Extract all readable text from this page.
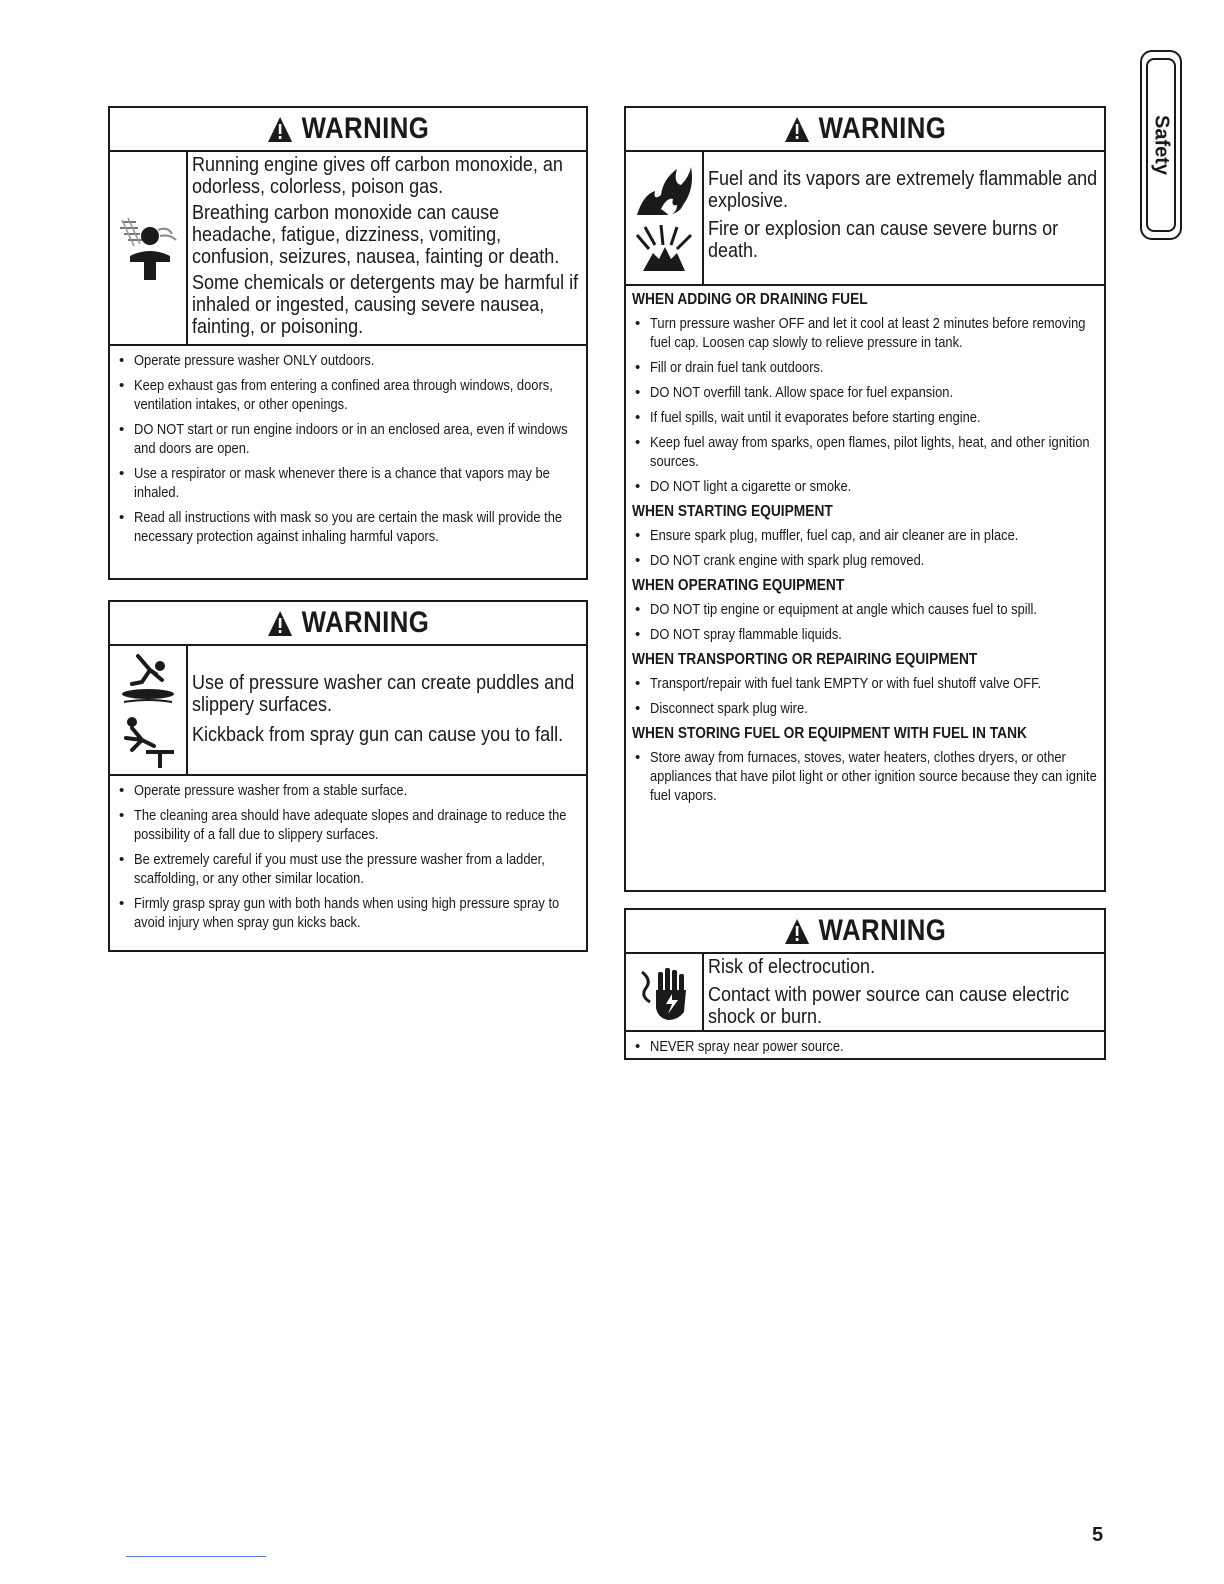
Safety
WARNING
Running engine gives off carbon monoxide, an odorless, colorless, poison gas.
Breathing carbon monoxide can cause headache, fatigue, dizziness, vomiting, confusion, seizures, nausea, fainting or death.
Some chemicals or detergents may be harmful if inhaled or ingested, causing severe nausea, fainting, or poisoning.
• Operate pressure washer ONLY outdoors.
• Keep exhaust gas from entering a confined area through windows, doors, ventilation intakes, or other openings.
• DO NOT start or run engine indoors or in an enclosed area, even if windows and doors are open.
• Use a respirator or mask whenever there is a chance that vapors may be inhaled.
• Read all instructions with mask so you are certain the mask will provide the necessary protection against inhaling harmful vapors.
WARNING
Use of pressure washer can create puddles and slippery surfaces.
Kickback from spray gun can cause you to fall.
• Operate pressure washer from a stable surface.
• The cleaning area should have adequate slopes and drainage to reduce the possibility of a fall due to slippery surfaces.
• Be extremely careful if you must use the pressure washer from a ladder, scaffolding, or any other similar location.
• Firmly grasp spray gun with both hands when using high pressure spray to avoid injury when spray gun kicks back.
WARNING
Fuel and its vapors are extremely flammable and explosive.
Fire or explosion can cause severe burns or death.
WHEN ADDING OR DRAINING FUEL
• Turn pressure washer OFF and let it cool at least 2 minutes before removing fuel cap. Loosen cap slowly to relieve pressure in tank.
• Fill or drain fuel tank outdoors.
• DO NOT overfill tank. Allow space for fuel expansion.
• If fuel spills, wait until it evaporates before starting engine.
• Keep fuel away from sparks, open flames, pilot lights, heat, and other ignition sources.
• DO NOT light a cigarette or smoke.
WHEN STARTING EQUIPMENT
• Ensure spark plug, muffler, fuel cap, and air cleaner are in place.
• DO NOT crank engine with spark plug removed.
WHEN OPERATING EQUIPMENT
• DO NOT tip engine or equipment at angle which causes fuel to spill.
• DO NOT spray flammable liquids.
WHEN TRANSPORTING OR REPAIRING EQUIPMENT
• Transport/repair with fuel tank EMPTY or with fuel shutoff valve OFF.
• Disconnect spark plug wire.
WHEN STORING FUEL OR EQUIPMENT WITH FUEL IN TANK
• Store away from furnaces, stoves, water heaters, clothes dryers, or other appliances that have pilot light or other ignition source because they can ignite fuel vapors.
WARNING
Risk of electrocution.
Contact with power source can cause electric shock or burn.
• NEVER spray near power source.
5
